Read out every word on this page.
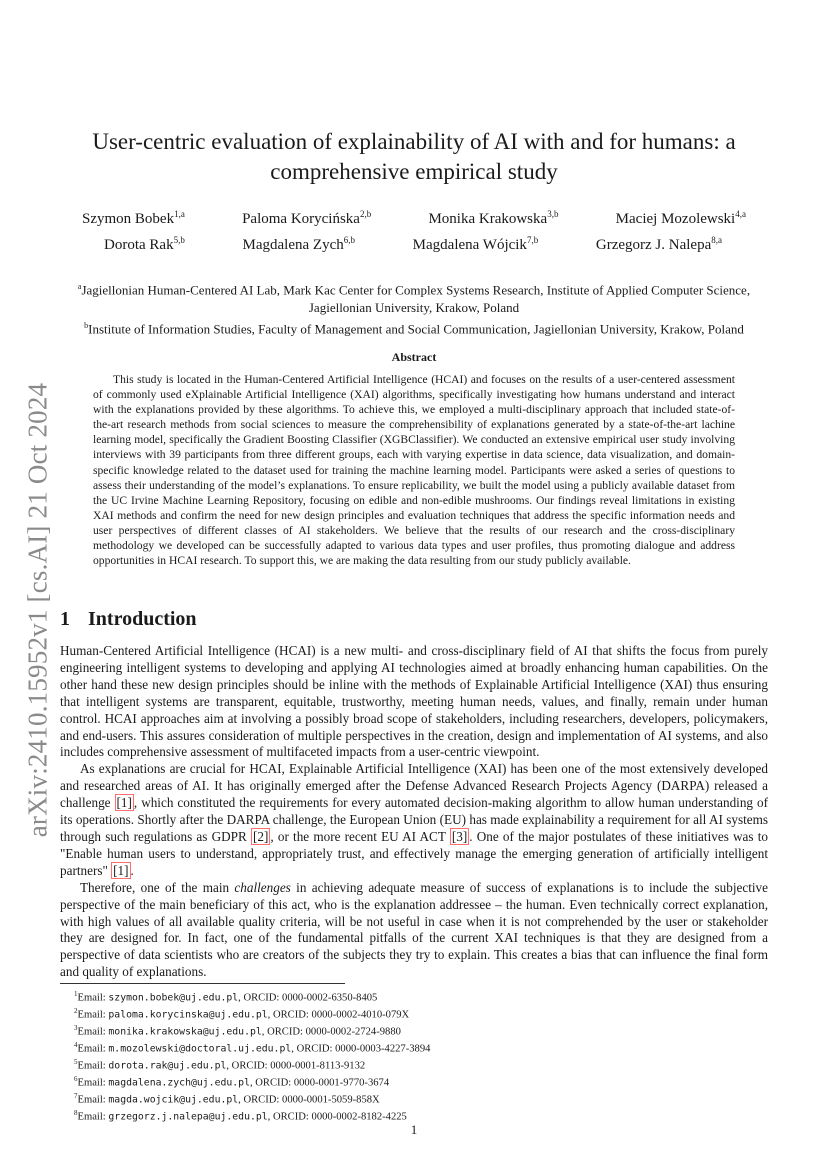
arXiv:2410.15952v1 [cs.AI] 21 Oct 2024
User-centric evaluation of explainability of AI with and for humans: a comprehensive empirical study
Szymon Bobek$^{1,a}$	Paloma Korycińska$^{2,b}$	Monika Krakowska$^{3,b}$	Maciej Mozolewski$^{4,a}$
Dorota Rak$^{5,b}$	Magdalena Zych$^{6,b}$	Magdalena Wójcik$^{7,b}$	Grzegorz J. Nalepa$^{8,a}$
$^a$Jagiellonian Human-Centered AI Lab, Mark Kac Center for Complex Systems Research, Institute of Applied Computer Science, Jagiellonian University, Krakow, Poland
$^b$Institute of Information Studies, Faculty of Management and Social Communication, Jagiellonian University, Krakow, Poland
Abstract

This study is located in the Human-Centered Artificial Intelligence (HCAI) and focuses on the results of a user-centered assessment of commonly used eXplainable Artificial Intelligence (XAI) algorithms, specifically investigating how humans understand and interact with the explanations provided by these algorithms. To achieve this, we employed a multi-disciplinary approach that included state-of-the-art research methods from social sciences to measure the comprehensibility of explanations generated by a state-of-the-art lachine learning model, specifically the Gradient Boosting Classifier (XGBClassifier). We conducted an extensive empirical user study involving interviews with 39 participants from three different groups, each with varying expertise in data science, data visualization, and domain-specific knowledge related to the dataset used for training the machine learning model. Participants were asked a series of questions to assess their understanding of the model’s explanations. To ensure replicability, we built the model using a publicly available dataset from the UC Irvine Machine Learning Repository, focusing on edible and non-edible mushrooms. Our findings reveal limitations in existing XAI methods and confirm the need for new design principles and evaluation techniques that address the specific information needs and user perspectives of different classes of AI stakeholders. We believe that the results of our research and the cross-disciplinary methodology we developed can be successfully adapted to various data types and user profiles, thus promoting dialogue and address opportunities in HCAI research. To support this, we are making the data resulting from our study publicly available.

1 Introduction

Human-Centered Artificial Intelligence (HCAI) is a new multi- and cross-disciplinary field of AI that shifts the focus from purely engineering intelligent systems to developing and applying AI technologies aimed at broadly enhancing human capabilities. On the other hand these new design principles should be inline with the methods of Explainable Artificial Intelligence (XAI) thus ensuring that intelligent systems are transparent, equitable, trustworthy, meeting human needs, values, and finally, remain under human control. HCAI approaches aim at involving a possibly broad scope of stakeholders, including researchers, developers, policymakers, and end-users. This assures consideration of multiple perspectives in the creation, design and implementation of AI systems, and also includes comprehensive assessment of multifaceted impacts from a user-centric viewpoint.

As explanations are crucial for HCAI, Explainable Artificial Intelligence (XAI) has been one of the most extensively developed and researched areas of AI. It has originally emerged after the Defense Advanced Research Projects Agency (DARPA) released a challenge [1] , which constituted the requirements for every automated decision-making algorithm to allow human understanding of its operations. Shortly after the DARPA challenge, the European Union (EU) has made explainability a requirement for all AI systems through such regulations as GDPR [2] , or the more recent EU AI ACT [3] . One of the major postulates of these initiatives was to "Enable human users to understand, appropriately trust, and effectively manage the emerging generation of artificially intelligent partners" [1] .

Therefore, one of the main challenges in achieving adequate measure of success of explanations is to include the subjective perspective of the main beneficiary of this act, who is the explanation addressee – the human. Even technically correct explanation, with high values of all available quality criteria, will be not useful in case when it is not comprehended by the user or stakeholder they are designed for. In fact, one of the fundamental pitfalls of the current XAI techniques is that they are designed from a perspective of data scientists who are creators of the subjects they try to explain. This creates a bias that can influence the final form and quality of explanations.

$^1$Email: szymon.bobek@uj.edu.pl, ORCID: 0000-0002-6350-8405
$^2$Email: paloma.korycinska@uj.edu.pl, ORCID: 0000-0002-4010-079X
$^3$Email: monika.krakowska@uj.edu.pl, ORCID: 0000-0002-2724-9880
$^4$Email: m.mozolewski@doctoral.uj.edu.pl, ORCID: 0000-0003-4227-3894
$^5$Email: dorota.rak@uj.edu.pl, ORCID: 0000-0001-8113-9132
$^6$Email: magdalena.zych@uj.edu.pl, ORCID: 0000-0001-9770-3674
$^7$Email: magda.wojcik@uj.edu.pl, ORCID: 0000-0001-5059-858X
$^8$Email: grzegorz.j.nalepa@uj.edu.pl, ORCID: 0000-0002-8182-4225
1
